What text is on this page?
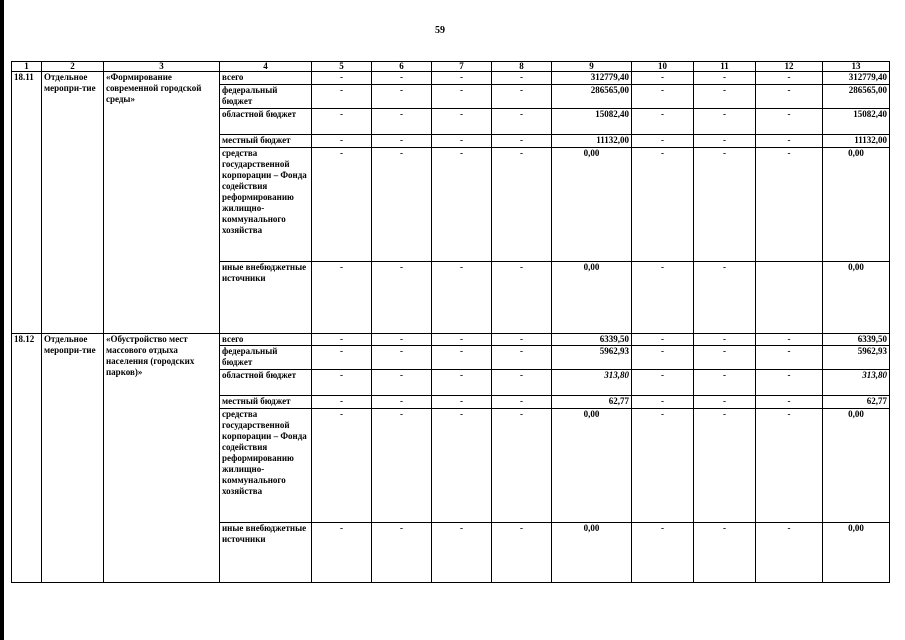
59
1	2	3	4	5	6	7	8	9	10	11	12	13
18.11	Отдельное меропри-тие	«Формирование современной городской среды»	всего	-	-	-	-	312779,40	-	-	-	312779,40
			федеральный бюджет	-	-	-	-	286565,00	-	-	-	286565,00
			областной бюджет	-	-	-	-	15082,40	-	-	-	15082,40
			местный бюджет	-	-	-	-	11132,00	-	-	-	11132,00
			средства государственной корпорации – Фонда содействия реформированию жилищно-коммунального хозяйства	-	-	-	-	0,00	-	-	-	0,00
			иные внебюджетные источники	-	-	-	-	0,00	-	-		0,00
18.12	Отдельное меропри-тие	«Обустройство мест массового отдыха населения (городских парков)»	всего	-	-	-	-	6339,50	-	-	-	6339,50
			федеральный бюджет	-	-	-	-	5962,93	-	-	-	5962,93
			областной бюджет	-	-	-	-	313,80	-	-	-	313,80
			местный бюджет	-	-	-	-	62,77	-	-	-	62,77
			средства государственной корпорации – Фонда содействия реформированию жилищно-коммунального хозяйства	-	-	-	-	0,00	-	-	-	0,00
			иные внебюджетные источники	-	-	-	-	0,00	-	-	-	0,00
